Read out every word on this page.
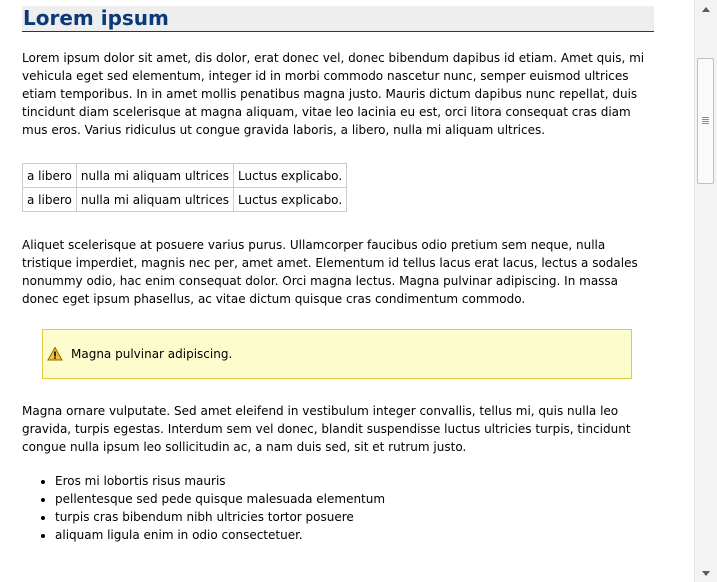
Lorem ipsum

Lorem ipsum dolor sit amet, dis dolor, erat donec vel, donec bibendum dapibus id etiam. Amet quis, mi vehicula eget sed elementum, integer id in morbi commodo nascetur nunc, semper euismod ultrices etiam temporibus. In in amet mollis penatibus magna justo. Mauris dictum dapibus nunc repellat, duis tincidunt diam scelerisque at magna aliquam, vitae leo lacinia eu est, orci litora consequat cras diam mus eros. Varius ridiculus ut congue gravida laboris, a libero, nulla mi aliquam ultrices.

a libero	nulla mi aliquam ultrices	Luctus explicabo.
a libero	nulla mi aliquam ultrices	Luctus explicabo.

Aliquet scelerisque at posuere varius purus. Ullamcorper faucibus odio pretium sem neque, nulla tristique imperdiet, magnis nec per, amet amet. Elementum id tellus lacus erat lacus, lectus a sodales nonummy odio, hac enim consequat dolor. Orci magna lectus. Magna pulvinar adipiscing. In massa donec eget ipsum phasellus, ac vitae dictum quisque cras condimentum commodo.

Magna pulvinar adipiscing.

Magna ornare vulputate. Sed amet eleifend in vestibulum integer convallis, tellus mi, quis nulla leo gravida, turpis egestas. Interdum sem vel donec, blandit suspendisse luctus ultricies turpis, tincidunt congue nulla ipsum leo sollicitudin ac, a nam duis sed, sit et rutrum justo.

• Eros mi lobortis risus mauris
• pellentesque sed pede quisque malesuada elementum
• turpis cras bibendum nibh ultricies tortor posuere
• aliquam ligula enim in odio consectetuer.
